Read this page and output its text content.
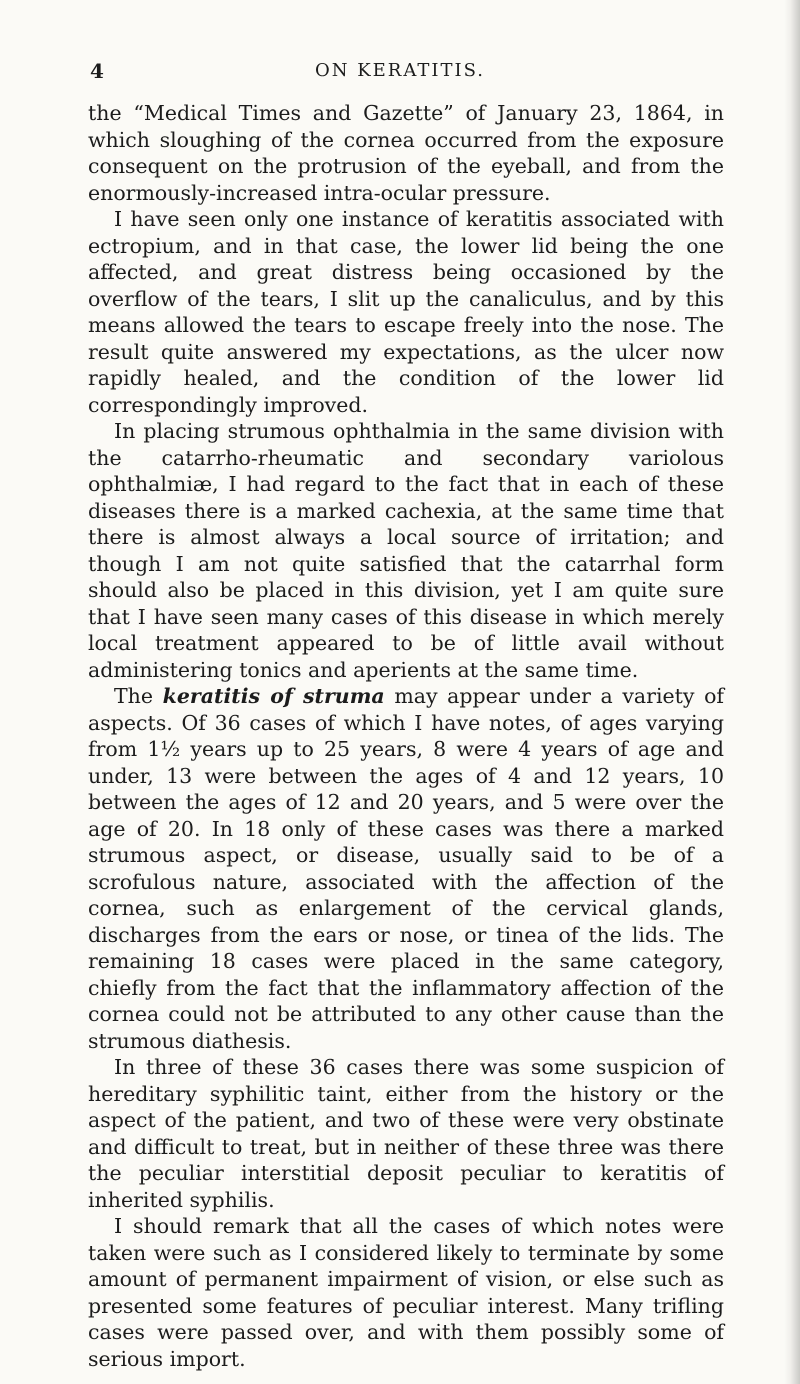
4	ON KERATITIS.

the “Medical Times and Gazette” of January 23, 1864, in which sloughing of the cornea occurred from the exposure consequent on the protrusion of the eyeball, and from the enormously-increased intra-ocular pressure.

I have seen only one instance of keratitis associated with ectropium, and in that case, the lower lid being the one affected, and great distress being occasioned by the overflow of the tears, I slit up the canaliculus, and by this means allowed the tears to escape freely into the nose. The result quite answered my expectations, as the ulcer now rapidly healed, and the condition of the lower lid correspondingly improved.

In placing strumous ophthalmia in the same division with the catarrho-rheumatic and secondary variolous ophthalmiæ, I had regard to the fact that in each of these diseases there is a marked cachexia, at the same time that there is almost always a local source of irritation; and though I am not quite satisfied that the catarrhal form should also be placed in this division, yet I am quite sure that I have seen many cases of this disease in which merely local treatment appeared to be of little avail without administering tonics and aperients at the same time.

The keratitis of struma may appear under a variety of aspects. Of 36 cases of which I have notes, of ages varying from 1½ years up to 25 years, 8 were 4 years of age and under, 13 were between the ages of 4 and 12 years, 10 between the ages of 12 and 20 years, and 5 were over the age of 20. In 18 only of these cases was there a marked strumous aspect, or disease, usually said to be of a scrofulous nature, associated with the affection of the cornea, such as enlargement of the cervical glands, discharges from the ears or nose, or tinea of the lids. The remaining 18 cases were placed in the same category, chiefly from the fact that the inflammatory affection of the cornea could not be attributed to any other cause than the strumous diathesis.

In three of these 36 cases there was some suspicion of hereditary syphilitic taint, either from the history or the aspect of the patient, and two of these were very obstinate and difficult to treat, but in neither of these three was there the peculiar interstitial deposit peculiar to keratitis of inherited syphilis.

I should remark that all the cases of which notes were taken were such as I considered likely to terminate by some amount of permanent impairment of vision, or else such as presented some features of peculiar interest. Many trifling cases were passed over, and with them possibly some of serious import.
